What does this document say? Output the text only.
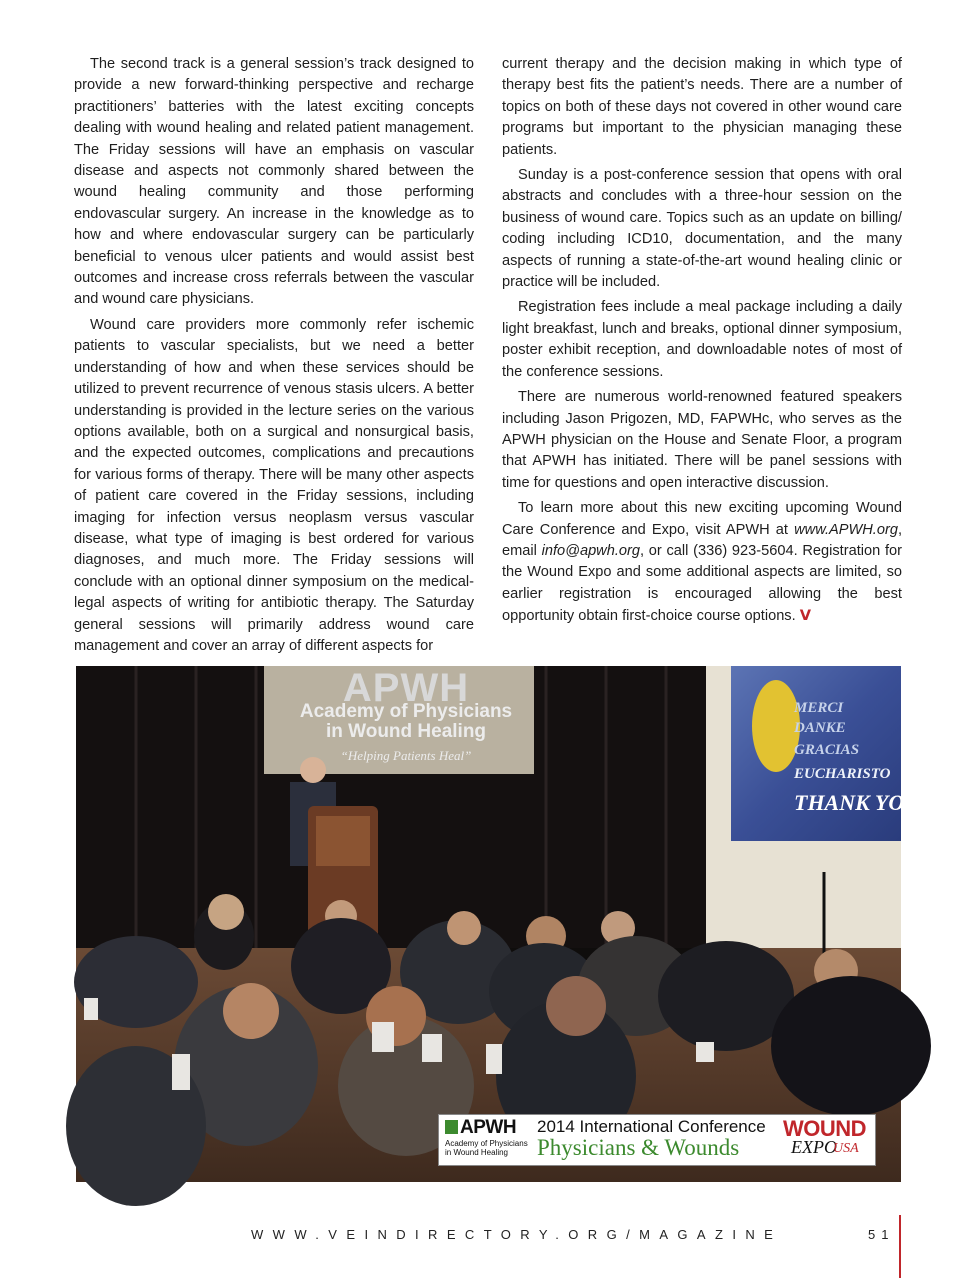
The second track is a general session’s track designed to provide a new forward-thinking perspective and recharge practitioners’ batteries with the latest exciting concepts dealing with wound healing and related patient management. The Friday sessions will have an emphasis on vascular disease and aspects not commonly shared between the wound healing community and those performing endovascular surgery. An increase in the knowledge as to how and where endovascular surgery can be particularly beneficial to venous ulcer patients and would assist best outcomes and increase cross referrals between the vascular and wound care physicians.

Wound care providers more commonly refer ischemic patients to vascular specialists, but we need a better understanding of how and when these services should be utilized to prevent recurrence of venous stasis ulcers. A better understanding is provided in the lecture series on the various options available, both on a surgical and nonsurgical basis, and the expected outcomes, complications and precautions for various forms of therapy. There will be many other aspects of patient care covered in the Friday sessions, including imaging for infection versus neoplasm versus vascular disease, what type of imaging is best ordered for various diagnoses, and much more. The Friday sessions will conclude with an optional dinner symposium on the medical-legal aspects of writing for antibiotic therapy. The Saturday general sessions will primarily address wound care management and cover an array of different aspects for

current therapy and the decision making in which type of therapy best fits the patient’s needs. There are a number of topics on both of these days not covered in other wound care programs but important to the physician managing these patients.

Sunday is a post-conference session that opens with oral abstracts and concludes with a three-hour session on the business of wound care. Topics such as an update on billing/ coding including ICD10, documentation, and the many aspects of running a state-of-the-art wound healing clinic or practice will be included.

Registration fees include a meal package including a daily light breakfast, lunch and breaks, optional dinner symposium, poster exhibit reception, and downloadable notes of most of the conference sessions.

There are numerous world-renowned featured speakers including Jason Prigozen, MD, FAPWHc, who serves as the APWH physician on the House and Senate Floor, a program that APWH has initiated. There will be panel sessions with time for questions and open interactive discussion.

To learn more about this new exciting upcoming Wound Care Conference and Expo, visit APWH at www.APWH.org, email info@apwh.org, or call (336) 923-5604. Registration for the Wound Expo and some additional aspects are limited, so earlier registration is encouraged allowing the best opportunity obtain first-choice course options. V

APWH
Academy of Physicians
in Wound Healing
“Helping Patients Heal”
MERCI
DANKE
GRACIAS
EUCHARISTO
THANK YOU
APWH
Academy of Physicians in Wound Healing
2014 International Conference
Physicians & Wounds
WOUND
EXPO
USA
WWW.VEINDIRECTORY.ORG/MAGAZINE	51
